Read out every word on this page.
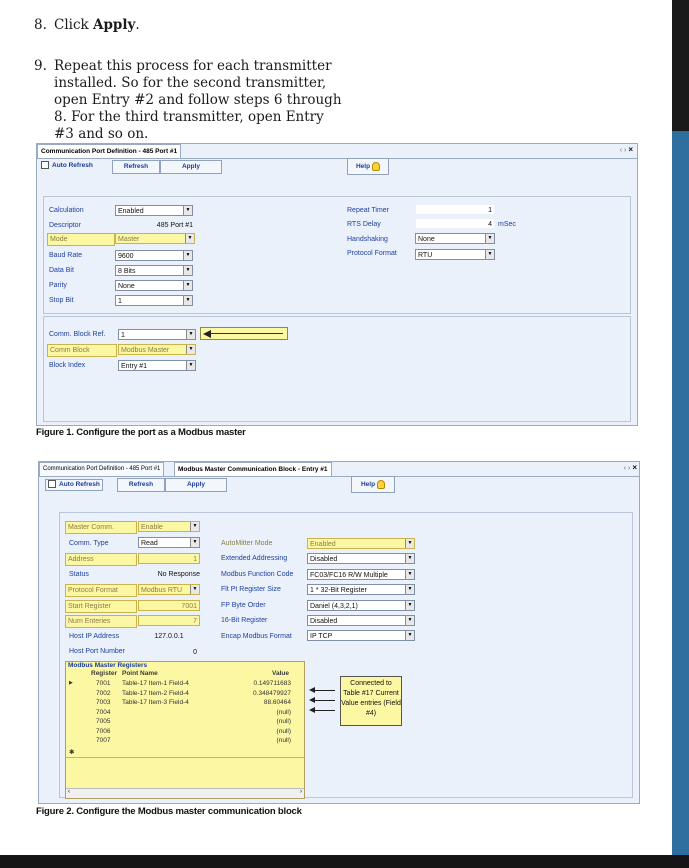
8. Click Apply.
9. Repeat this process for each transmitter installed. So for the second transmitter, open Entry #2 and follow steps 6 through 8. For the third transmitter, open Entry #3 and so on.
Communication Port Definition - 485 Port #1	‹ › ×
Auto Refresh	Refresh	Apply	Help
Calculation	Enabled	▼
Descriptor	485 Port #1
Mode	Master	▼
Baud Rate	9600	▼
Data Bit	8 Bits	▼
Parity	None	▼
Stop Bit	1	▼
Repeat Timer	1
RTS Delay	4 mSec
Handshaking	None	▼
Protocol Format	RTU	▼
Comm. Block Ref.	1	▼
Comm Block	Modbus Master	▼
Block Index	Entry #1	▼
Figure 1. Configure the port as a Modbus master
Communication Port Definition - 485 Port #1	Modbus Master Communication Block - Entry #1	‹ › ×
Auto Refresh	Refresh	Apply	Help
Master Comm.	Enable	▼
Comm. Type	Read	▼
Address	1
Status	No Response
Protocol Format	Modbus RTU	▼
Start Register	7001
Num Enteries	7
Host IP Address	127.0.0.1
Host Port Number	0
AutoMitter Mode	Enabled	▼
Extended Addressing	Disabled	▼
Modbus Function Code	FC03/FC16 R/W Multiple	▼
Flt Pt Register Size	1 * 32-Bit Register	▼
FP Byte Order	Daniel (4,3,2,1)	▼
16-Bit Register	Disabled	▼
Encap Modbus Format	IP TCP	▼
Modbus Master Registers
Register Point Name	Value
▶	7001 Table-17 Item-1 Field-4	0.149711683
7002 Table-17 Item-2 Field-4	0.348479927
7003 Table-17 Item-3 Field-4	88.60464
7004	(null)
7005	(null)
7006	(null)
7007	(null)
✱
‹	›
Connected to Table #17 Current Value entries (Field #4)
Figure 2. Configure the Modbus master communication block
